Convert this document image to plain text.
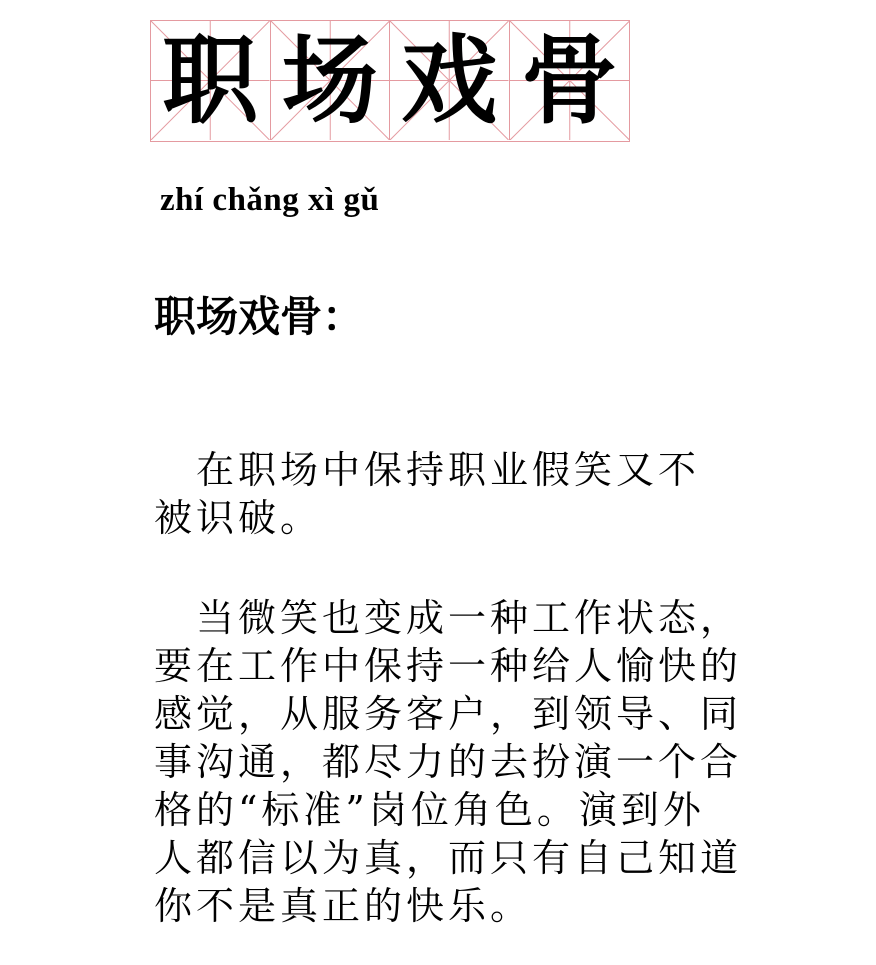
职 场 戏 骨
zhí chǎng xì gǔ
职场戏骨：

　在职场中保持职业假笑又不
被识破。

　当微笑也变成一种工作状态，
要在工作中保持一种给人愉快的
感觉，从服务客户，到领导、同
事沟通，都尽力的去扮演一个合
格的“标准”岗位角色。演到外
人都信以为真，而只有自己知道
你不是真正的快乐。
